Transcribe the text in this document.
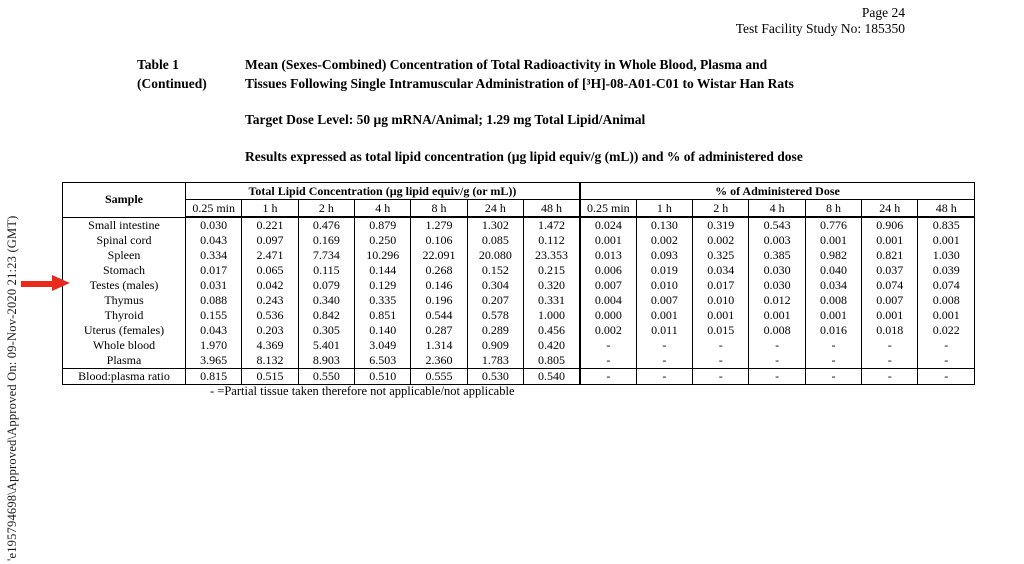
Page 24
Test Facility Study No: 185350
'e195794698\Approved\Approved On: 09-Nov-2020 21:23 (GMT)
Table 1
(Continued)
Mean (Sexes-Combined) Concentration of Total Radioactivity in Whole Blood, Plasma and
Tissues Following Single Intramuscular Administration of [³H]-08-A01-C01 to Wistar Han Rats
Target Dose Level: 50 µg mRNA/Animal; 1.29 mg Total Lipid/Animal
Results expressed as total lipid concentration (µg lipid equiv/g (mL)) and % of administered dose
Sample	Total Lipid Concentration (µg lipid equiv/g (or mL))							% of Administered Dose						
	0.25 min	1 h	2 h	4 h	8 h	24 h	48 h	0.25 min	1 h	2 h	4 h	8 h	24 h	48 h
Small intestine	0.030	0.221	0.476	0.879	1.279	1.302	1.472	0.024	0.130	0.319	0.543	0.776	0.906	0.835
Spinal cord	0.043	0.097	0.169	0.250	0.106	0.085	0.112	0.001	0.002	0.002	0.003	0.001	0.001	0.001
Spleen	0.334	2.471	7.734	10.296	22.091	20.080	23.353	0.013	0.093	0.325	0.385	0.982	0.821	1.030
Stomach	0.017	0.065	0.115	0.144	0.268	0.152	0.215	0.006	0.019	0.034	0.030	0.040	0.037	0.039
Testes (males)	0.031	0.042	0.079	0.129	0.146	0.304	0.320	0.007	0.010	0.017	0.030	0.034	0.074	0.074
Thymus	0.088	0.243	0.340	0.335	0.196	0.207	0.331	0.004	0.007	0.010	0.012	0.008	0.007	0.008
Thyroid	0.155	0.536	0.842	0.851	0.544	0.578	1.000	0.000	0.001	0.001	0.001	0.001	0.001	0.001
Uterus (females)	0.043	0.203	0.305	0.140	0.287	0.289	0.456	0.002	0.011	0.015	0.008	0.016	0.018	0.022
Whole blood	1.970	4.369	5.401	3.049	1.314	0.909	0.420	-	-	-	-	-	-	-
Plasma	3.965	8.132	8.903	6.503	2.360	1.783	0.805	-	-	-	-	-	-	-
Blood:plasma ratio	0.815	0.515	0.550	0.510	0.555	0.530	0.540	-	-	-	-	-	-	-
- =Partial tissue taken therefore not applicable/not applicable
